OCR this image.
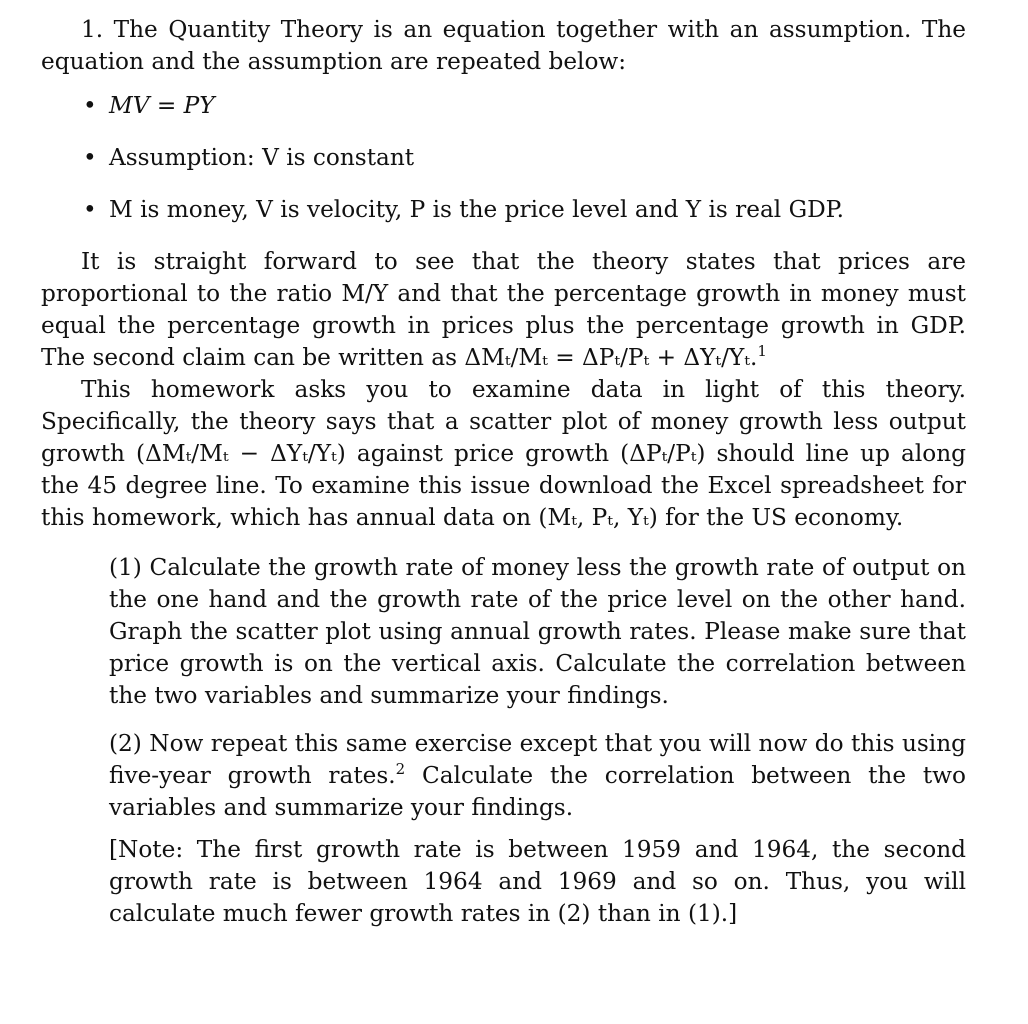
1. The Quantity Theory is an equation together with an assumption. The equation and the assumption are repeated below:

• MV = PY
• Assumption: V is constant
• M is money, V is velocity, P is the price level and Y is real GDP.

It is straight forward to see that the theory states that prices are proportional to the ratio M/Y and that the percentage growth in money must equal the percentage growth in prices plus the percentage growth in GDP. The second claim can be written as ΔMₜ/Mₜ = ΔPₜ/Pₜ + ΔYₜ/Yₜ.$^1$

This homework asks you to examine data in light of this theory. Specifically, the theory says that a scatter plot of money growth less output growth (ΔMₜ/Mₜ − ΔYₜ/Yₜ) against price growth (ΔPₜ/Pₜ) should line up along the 45 degree line. To examine this issue download the Excel spreadsheet for this homework, which has annual data on (Mₜ, Pₜ, Yₜ) for the US economy.

(1) Calculate the growth rate of money less the growth rate of output on the one hand and the growth rate of the price level on the other hand. Graph the scatter plot using annual growth rates. Please make sure that price growth is on the vertical axis. Calculate the correlation between the two variables and summarize your findings.

(2) Now repeat this same exercise except that you will now do this using five-year growth rates.$^2$ Calculate the correlation between the two variables and summarize your findings.

[Note: The first growth rate is between 1959 and 1964, the second growth rate is between 1964 and 1969 and so on. Thus, you will calculate much fewer growth rates in (2) than in (1).]
